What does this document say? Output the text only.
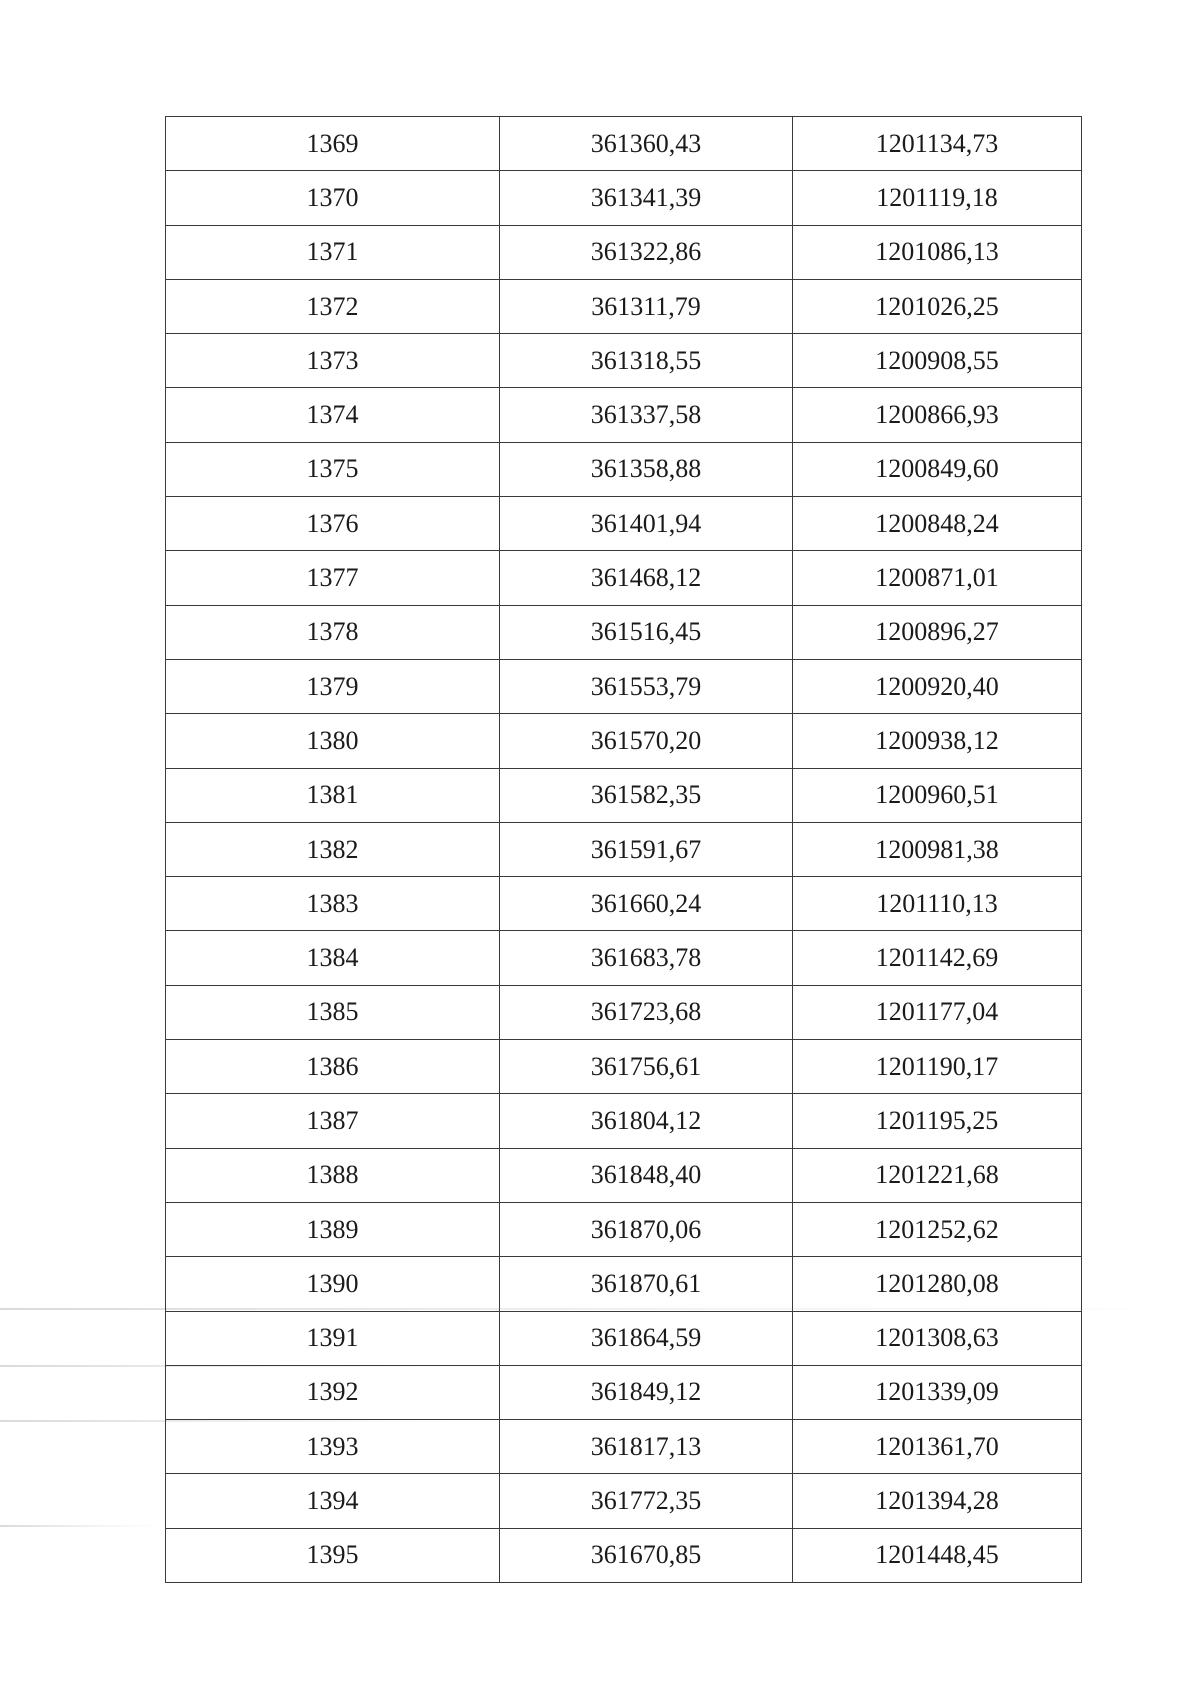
1369	361360,43	1201134,73
1370	361341,39	1201119,18
1371	361322,86	1201086,13
1372	361311,79	1201026,25
1373	361318,55	1200908,55
1374	361337,58	1200866,93
1375	361358,88	1200849,60
1376	361401,94	1200848,24
1377	361468,12	1200871,01
1378	361516,45	1200896,27
1379	361553,79	1200920,40
1380	361570,20	1200938,12
1381	361582,35	1200960,51
1382	361591,67	1200981,38
1383	361660,24	1201110,13
1384	361683,78	1201142,69
1385	361723,68	1201177,04
1386	361756,61	1201190,17
1387	361804,12	1201195,25
1388	361848,40	1201221,68
1389	361870,06	1201252,62
1390	361870,61	1201280,08
1391	361864,59	1201308,63
1392	361849,12	1201339,09
1393	361817,13	1201361,70
1394	361772,35	1201394,28
1395	361670,85	1201448,45
